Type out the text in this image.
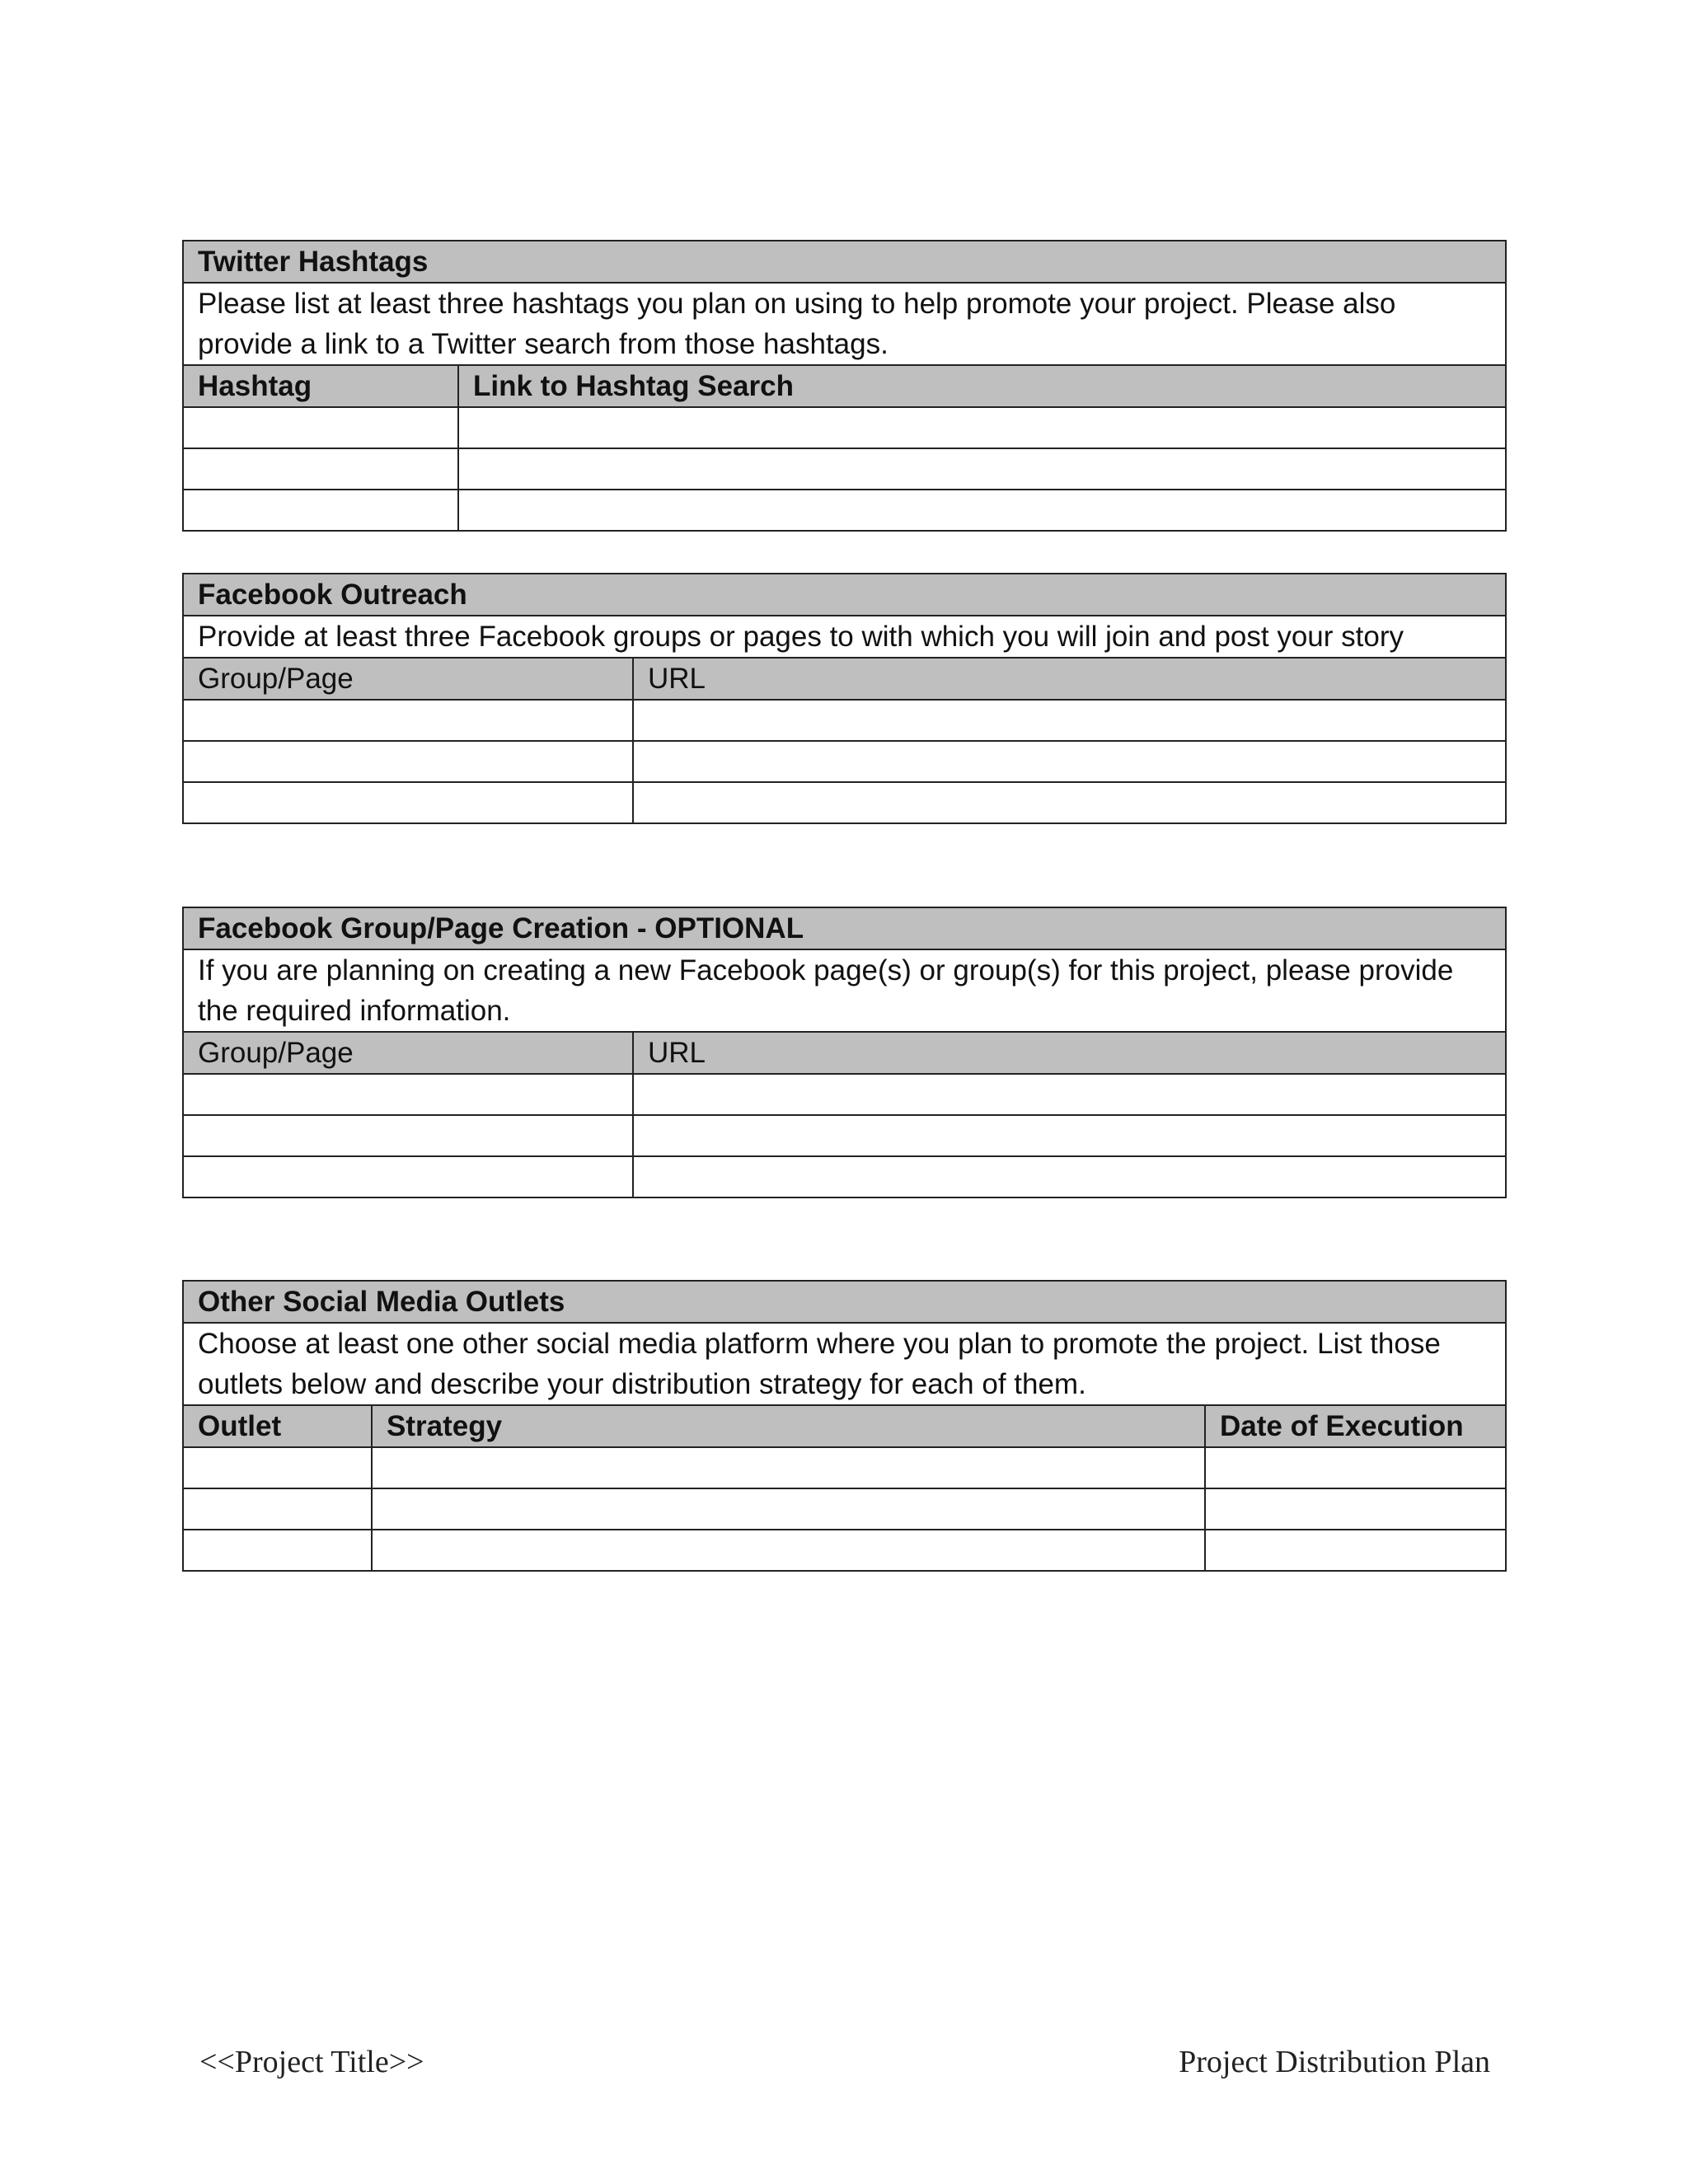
Twitter Hashtags	
Please list at least three hashtags you plan on using to help promote your project. Please also provide a link to a Twitter search from those hashtags.	
Hashtag	Link to Hashtag Search

Facebook Outreach	
Provide at least three Facebook groups or pages to with which you will join and post your story	
Group/Page	URL

Facebook Group/Page Creation - OPTIONAL	
If you are planning on creating a new Facebook page(s) or group(s) for this project, please provide the required information.	
Group/Page	URL

Other Social Media Outlets		
Choose at least one other social media platform where you plan to promote the project. List those outlets below and describe your distribution strategy for each of them.		
Outlet	Strategy	Date of Execution

<<Project Title>>	Project Distribution Plan
